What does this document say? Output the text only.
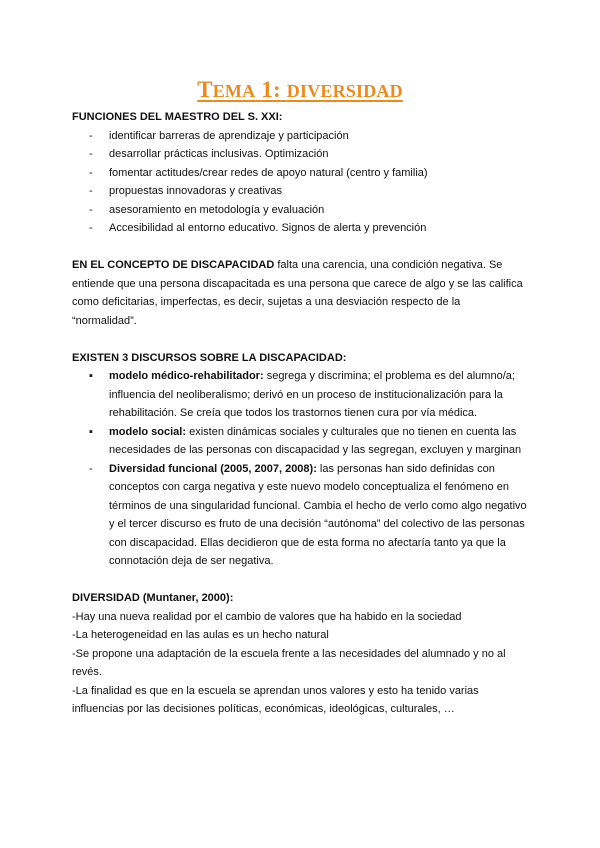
TEMA 1: DIVERSIDAD
FUNCIONES DEL MAESTRO DEL S. XXI:
- identificar barreras de aprendizaje y participación
- desarrollar prácticas inclusivas. Optimización
- fomentar actitudes/crear redes de apoyo natural (centro y familia)
- propuestas innovadoras y creativas
- asesoramiento en metodología y evaluación
- Accesibilidad al entorno educativo. Signos de alerta y prevención

EN EL CONCEPTO DE DISCAPACIDAD falta una carencia, una condición negativa. Se entiende que una persona discapacitada es una persona que carece de algo y se las califica como deficitarias, imperfectas, es decir, sujetas a una desviación respecto de la “normalidad”.

EXISTEN 3 DISCURSOS SOBRE LA DISCAPACIDAD:
▪ modelo médico-rehabilitador: segrega y discrimina; el problema es del alumno/a; influencia del neoliberalismo; derivó en un proceso de institucionalización para la rehabilitación. Se creía que todos los trastornos tienen cura por vía médica.
▪ modelo social: existen dinámicas sociales y culturales que no tienen en cuenta las necesidades de las personas con discapacidad y las segregan, excluyen y marginan
- Diversidad funcional (2005, 2007, 2008): las personas han sido definidas con conceptos con carga negativa y este nuevo modelo conceptualiza el fenómeno en términos de una singularidad funcional. Cambia el hecho de verlo como algo negativo y el tercer discurso es fruto de una decisión “autónoma” del colectivo de las personas con discapacidad. Ellas decidieron que de esta forma no afectaría tanto ya que la connotación deja de ser negativa.
DIVERSIDAD (Muntaner, 2000):

-Hay una nueva realidad por el cambio de valores que ha habido en la sociedad

-La heterogeneidad en las aulas es un hecho natural

-Se propone una adaptación de la escuela frente a las necesidades del alumnado y no al revés.

-La finalidad es que en la escuela se aprendan unos valores y esto ha tenido varias influencias por las decisiones políticas, económicas, ideológicas, culturales, …
